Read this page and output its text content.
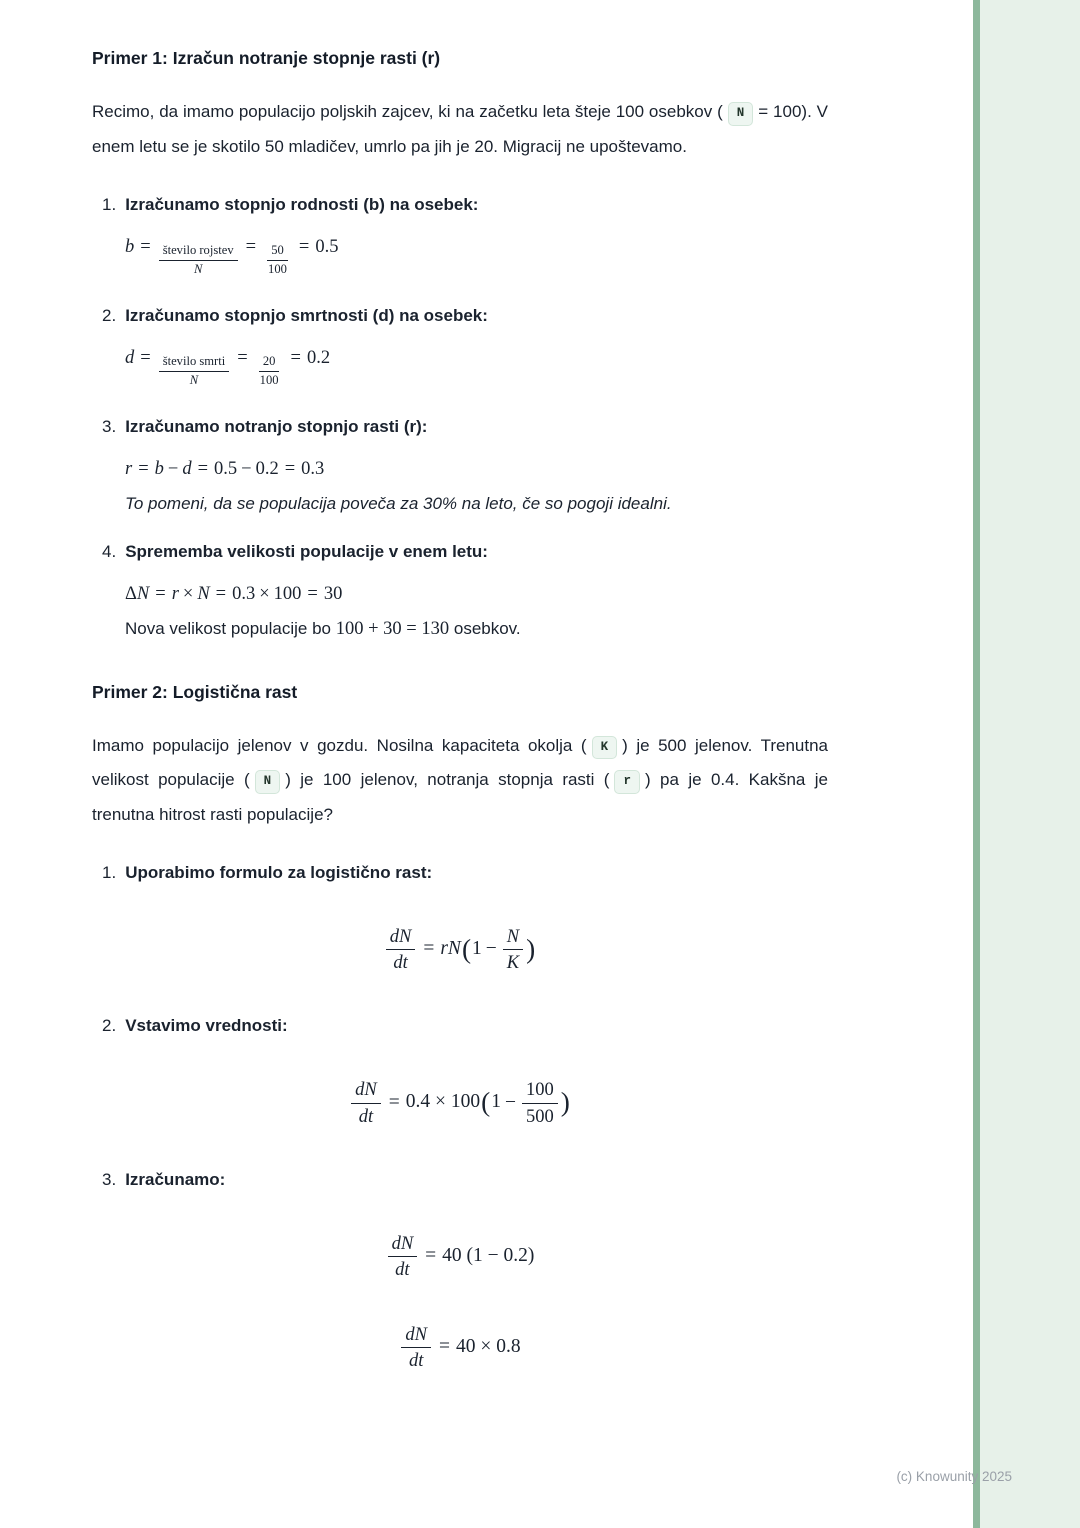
Primer 1: Izračun notranje stopnje rasti (r)

Recimo, da imamo populacijo poljskih zajcev, ki na začetku leta šteje 100 osebkov ( N = 100). V enem letu se je skotilo 50 mladičev, umrlo pa jih je 20. Migracij ne upoštevamo.

1. Izračunamo stopnjo rodnosti (b) na osebek:
$b = \frac{\text{število rojstev}}{N} = \frac{50}{100} = 0.5$
2. Izračunamo stopnjo smrtnosti (d) na osebek:
$d = \frac{\text{število smrti}}{N} = \frac{20}{100} = 0.2$
3. Izračunamo notranjo stopnjo rasti (r):
r = b − d = 0.5 − 0.2 = 0.3
To pomeni, da se populacija poveča za 30% na leto, če so pogoji idealni.
4. Sprememba velikosti populacije v enem letu:
ΔN = r × N = 0.3 × 100 = 30
Nova velikost populacije bo 100 + 30 = 130 osebkov.
Primer 2: Logistična rast

Imamo populacijo jelenov v gozdu. Nosilna kapaciteta okolja ( K ) je 500 jelenov. Trenutna velikost populacije ( N ) je 100 jelenov, notranja stopnja rasti ( r ) pa je 0.4. Kakšna je trenutna hitrost rasti populacije?

1. Uporabimo formulo za logistično rast:
$\frac{dN}{dt} = rN(1 - \frac{N}{K}$ )
2. Vstavimo vrednosti:
$\frac{dN}{dt} = 0.4 \times 100(1 - \frac{100}{500}$ )
3. Izračunamo:
$\frac{dN}{dt} = 40$ (1 − 0.2)
$\frac{dN}{dt} = 40 \times 0.8$
(c) Knowunity 2025
